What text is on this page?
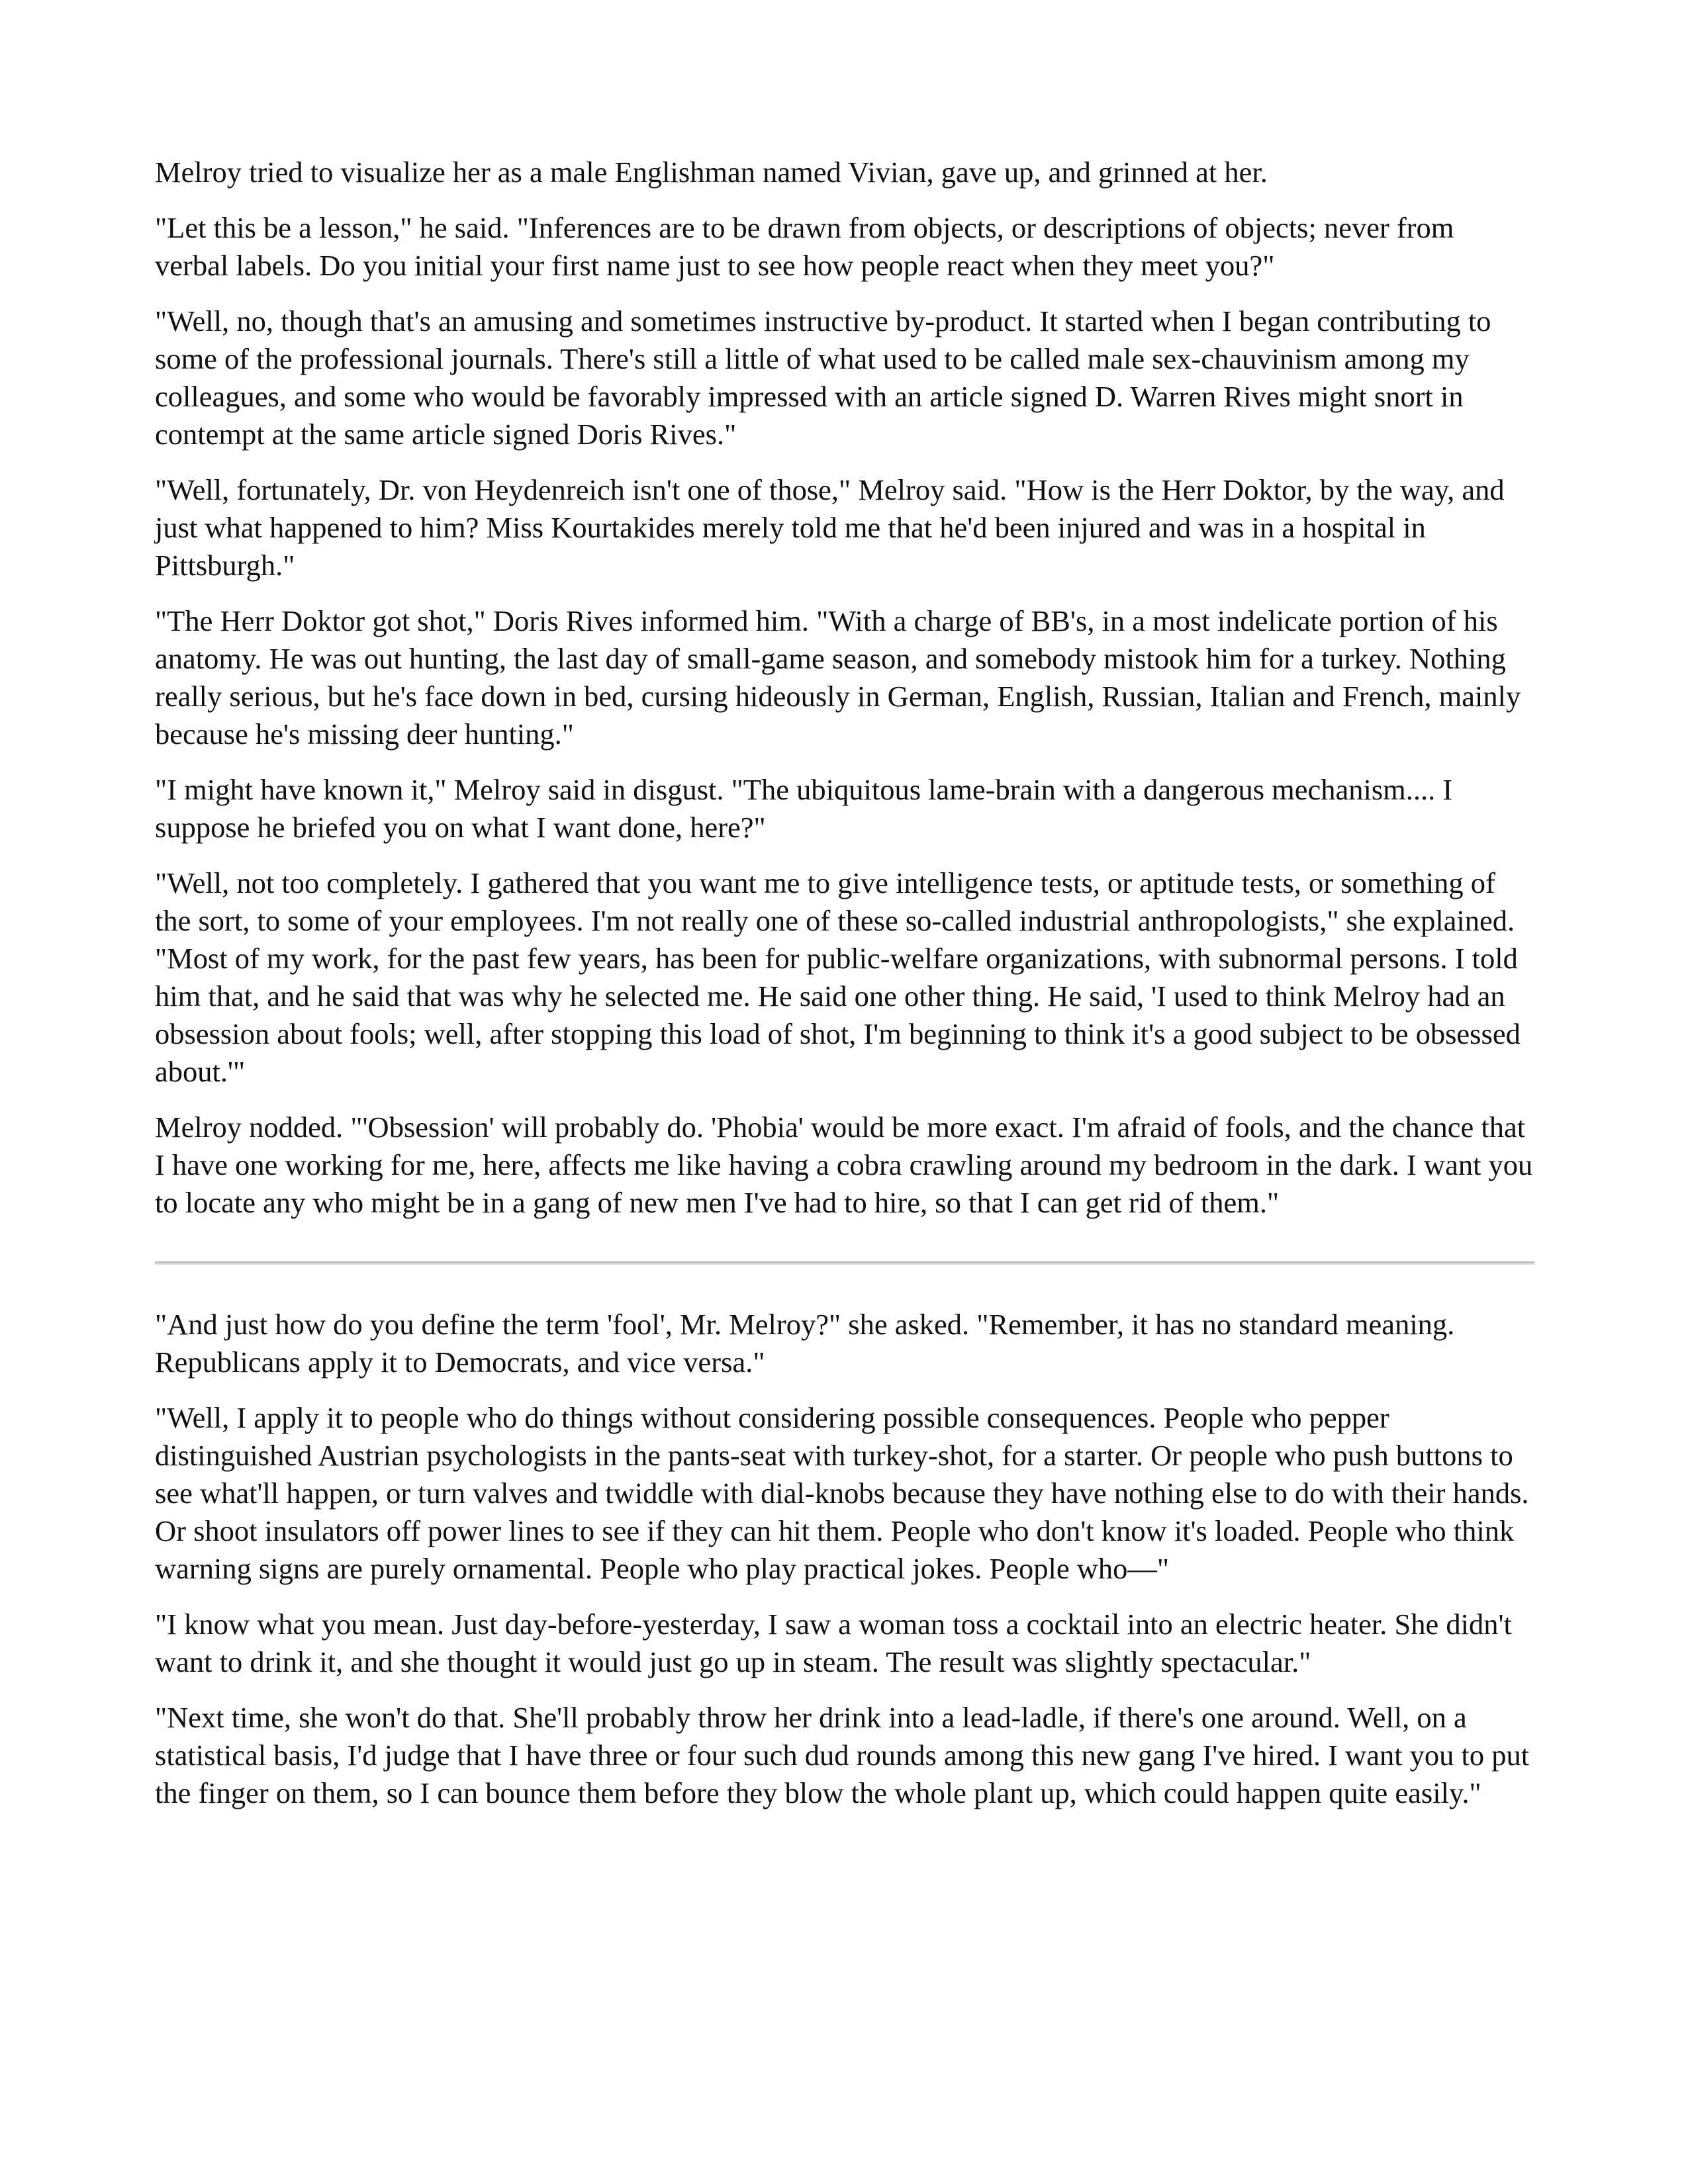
Melroy tried to visualize her as a male Englishman named Vivian, gave up, and grinned at her.

"Let this be a lesson," he said. "Inferences are to be drawn from objects, or descriptions of objects; never from verbal labels. Do you initial your first name just to see how people react when they meet you?"

"Well, no, though that's an amusing and sometimes instructive by-product. It started when I began contributing to some of the professional journals. There's still a little of what used to be called male sex-chauvinism among my colleagues, and some who would be favorably impressed with an article signed D. Warren Rives might snort in contempt at the same article signed Doris Rives."

"Well, fortunately, Dr. von Heydenreich isn't one of those," Melroy said. "How is the Herr Doktor, by the way, and just what happened to him? Miss Kourtakides merely told me that he'd been injured and was in a hospital in Pittsburgh."

"The Herr Doktor got shot," Doris Rives informed him. "With a charge of BB's, in a most indelicate portion of his anatomy. He was out hunting, the last day of small-game season, and somebody mistook him for a turkey. Nothing really serious, but he's face down in bed, cursing hideously in German, English, Russian, Italian and French, mainly because he's missing deer hunting."

"I might have known it," Melroy said in disgust. "The ubiquitous lame-brain with a dangerous mechanism.... I suppose he briefed you on what I want done, here?"

"Well, not too completely. I gathered that you want me to give intelligence tests, or aptitude tests, or something of the sort, to some of your employees. I'm not really one of these so-called industrial anthropologists," she explained. "Most of my work, for the past few years, has been for public-welfare organizations, with subnormal persons. I told him that, and he said that was why he selected me. He said one other thing. He said, 'I used to think Melroy had an obsession about fools; well, after stopping this load of shot, I'm beginning to think it's a good subject to be obsessed about.'"

Melroy nodded. "'Obsession' will probably do. 'Phobia' would be more exact. I'm afraid of fools, and the chance that I have one working for me, here, affects me like having a cobra crawling around my bedroom in the dark. I want you to locate any who might be in a gang of new men I've had to hire, so that I can get rid of them."

"And just how do you define the term 'fool', Mr. Melroy?" she asked. "Remember, it has no standard meaning. Republicans apply it to Democrats, and vice versa."

"Well, I apply it to people who do things without considering possible consequences. People who pepper distinguished Austrian psychologists in the pants-seat with turkey-shot, for a starter. Or people who push buttons to see what'll happen, or turn valves and twiddle with dial-knobs because they have nothing else to do with their hands. Or shoot insulators off power lines to see if they can hit them. People who don't know it's loaded. People who think warning signs are purely ornamental. People who play practical jokes. People who—"

"I know what you mean. Just day-before-yesterday, I saw a woman toss a cocktail into an electric heater. She didn't want to drink it, and she thought it would just go up in steam. The result was slightly spectacular."

"Next time, she won't do that. She'll probably throw her drink into a lead-ladle, if there's one around. Well, on a statistical basis, I'd judge that I have three or four such dud rounds among this new gang I've hired. I want you to put the finger on them, so I can bounce them before they blow the whole plant up, which could happen quite easily."
